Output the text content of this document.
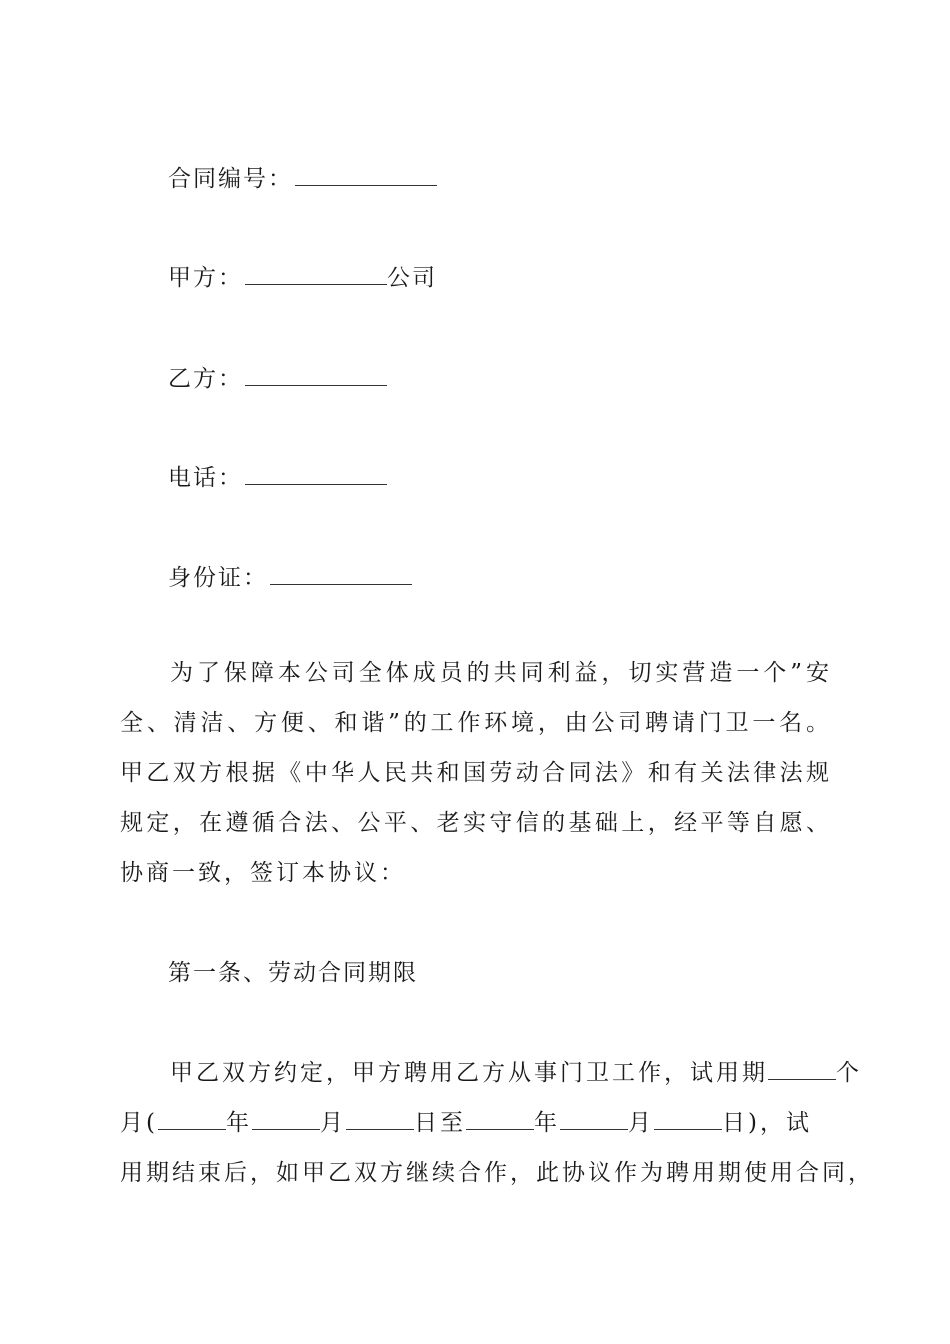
合同编号：
甲方：	公司
乙方：
电话：
身份证：
为了保障本公司全体成员的共同利益，切实营造一个”安全、清洁、方便、和谐”的工作环境，由公司聘请门卫一名。甲乙双方根据《中华人民共和国劳动合同法》和有关法律法规规定，在遵循合法、公平、老实守信的基础上，经平等自愿、协商一致，签订本协议：
第一条、劳动合同期限
甲乙双方约定，甲方聘用乙方从事门卫工作，试用期	个
月(	年	月	日至	年	月	日)，试
用期结束后，如甲乙双方继续合作，此协议作为聘用期使用合同，
